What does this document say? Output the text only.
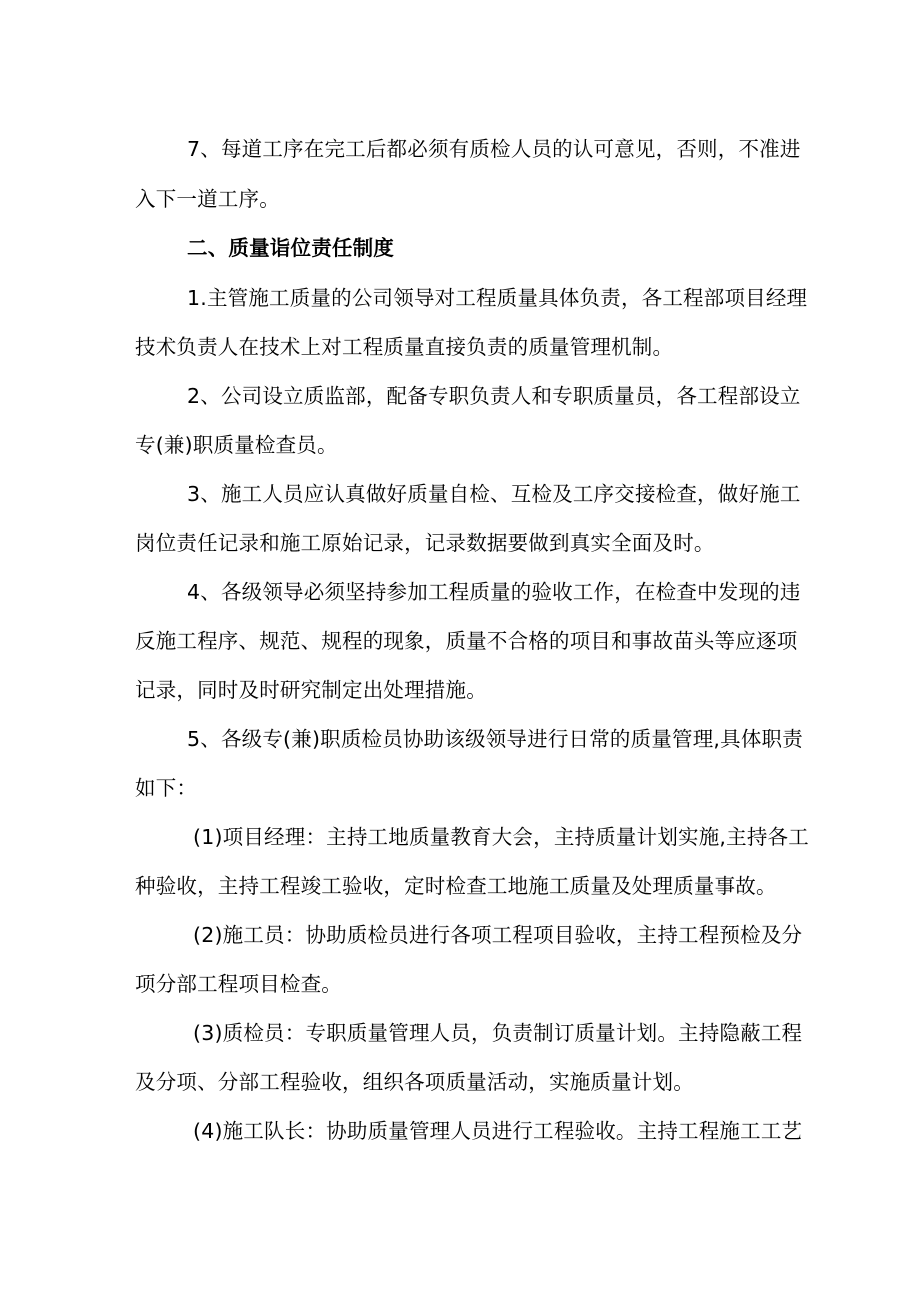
7、每道工序在完工后都必须有质检人员的认可意见，否则，不准进
入下一道工序。
二、质量诣位责任制度
1.主管施工质量的公司领导对工程质量具体负责，各工程部项目经理
技术负责人在技术上对工程质量直接负责的质量管理机制。
2、公司设立质监部，配备专职负责人和专职质量员，各工程部设立
专(兼)职质量检查员。
3、施工人员应认真做好质量自检、互检及工序交接检查，做好施工
岗位责任记录和施工原始记录，记录数据要做到真实全面及时。
4、各级领导必须坚持参加工程质量的验收工作，在检查中发现的违
反施工程序、规范、规程的现象，质量不合格的项目和事故苗头等应逐项
记录，同时及时研究制定出处理措施。
5、各级专(兼)职质检员协助该级领导进行日常的质量管理,具体职责
如下：
(1)项目经理：主持工地质量教育大会，主持质量计划实施,主持各工
种验收，主持工程竣工验收，定时检查工地施工质量及处理质量事故。
(2)施工员：协助质检员进行各项工程项目验收，主持工程预检及分
项分部工程项目检查。
(3)质检员：专职质量管理人员，负责制订质量计划。主持隐蔽工程
及分项、分部工程验收，组织各项质量活动，实施质量计划。
(4)施工队长：协助质量管理人员进行工程验收。主持工程施工工艺
